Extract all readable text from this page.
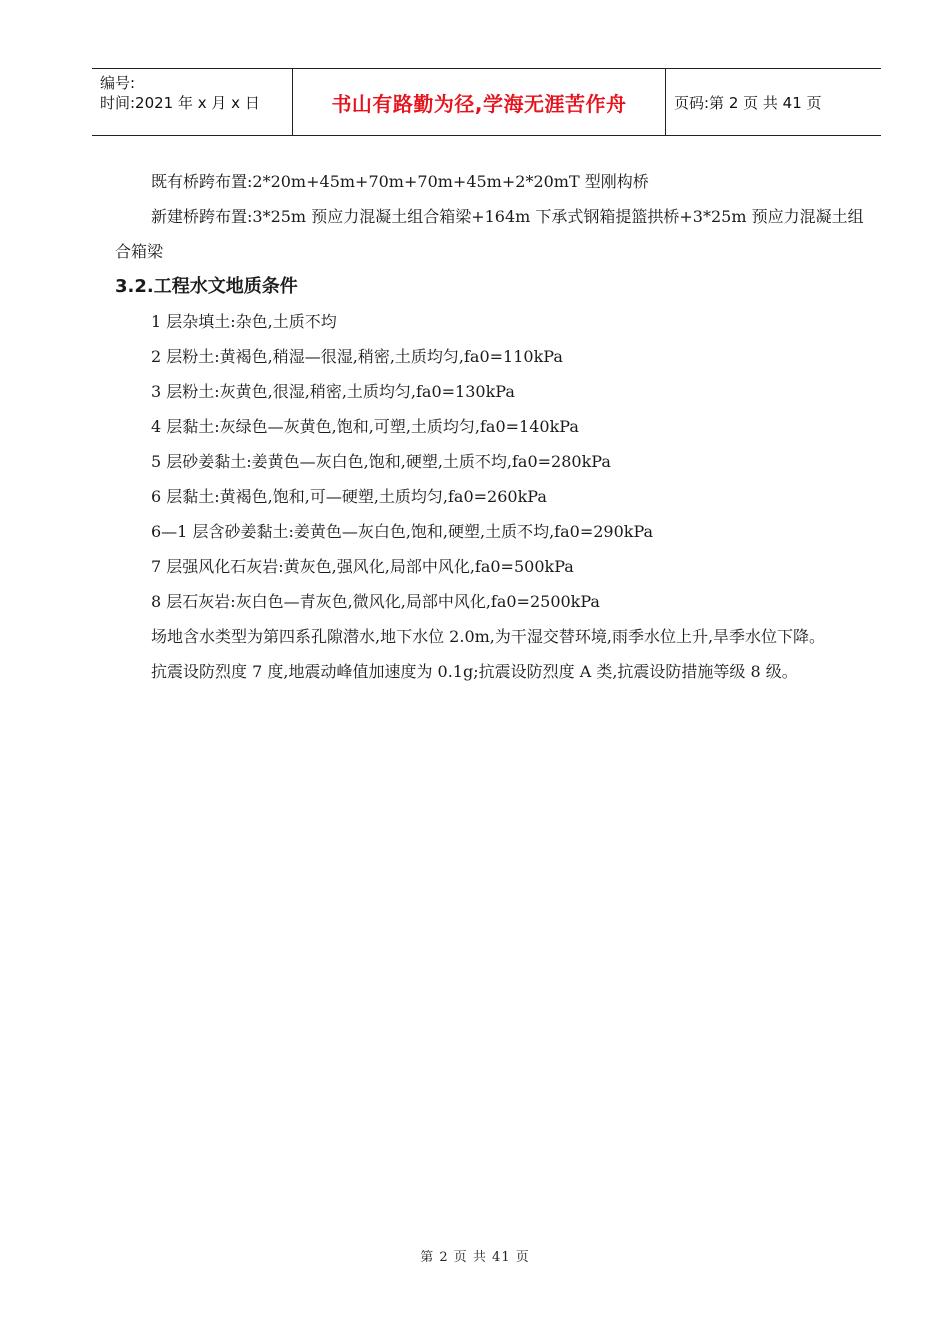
编号:
时间:2021 年 x 月 x 日	书山有路勤为径,学海无涯苦作舟	页码:第 2 页 共 41 页

既有桥跨布置:2*20m+45m+70m+70m+45m+2*20mT 型刚构桥

新建桥跨布置:3*25m 预应力混凝土组合箱梁+164m 下承式钢箱提篮拱桥+3*25m 预应力混凝土组合箱梁

3.2.工程水文地质条件

1 层杂填土:杂色,土质不均

2 层粉土:黄褐色,稍湿—很湿,稍密,土质均匀,fa0=110kPa

3 层粉土:灰黄色,很湿,稍密,土质均匀,fa0=130kPa

4 层黏土:灰绿色—灰黄色,饱和,可塑,土质均匀,fa0=140kPa

5 层砂姜黏土:姜黄色—灰白色,饱和,硬塑,土质不均,fa0=280kPa

6 层黏土:黄褐色,饱和,可—硬塑,土质均匀,fa0=260kPa

6—1 层含砂姜黏土:姜黄色—灰白色,饱和,硬塑,土质不均,fa0=290kPa

7 层强风化石灰岩:黄灰色,强风化,局部中风化,fa0=500kPa

8 层石灰岩:灰白色—青灰色,微风化,局部中风化,fa0=2500kPa

场地含水类型为第四系孔隙潜水,地下水位 2.0m,为干湿交替环境,雨季水位上升,旱季水位下降。

抗震设防烈度 7 度,地震动峰值加速度为 0.1g;抗震设防烈度 A 类,抗震设防措施等级 8 级。

第 2 页 共 41 页
